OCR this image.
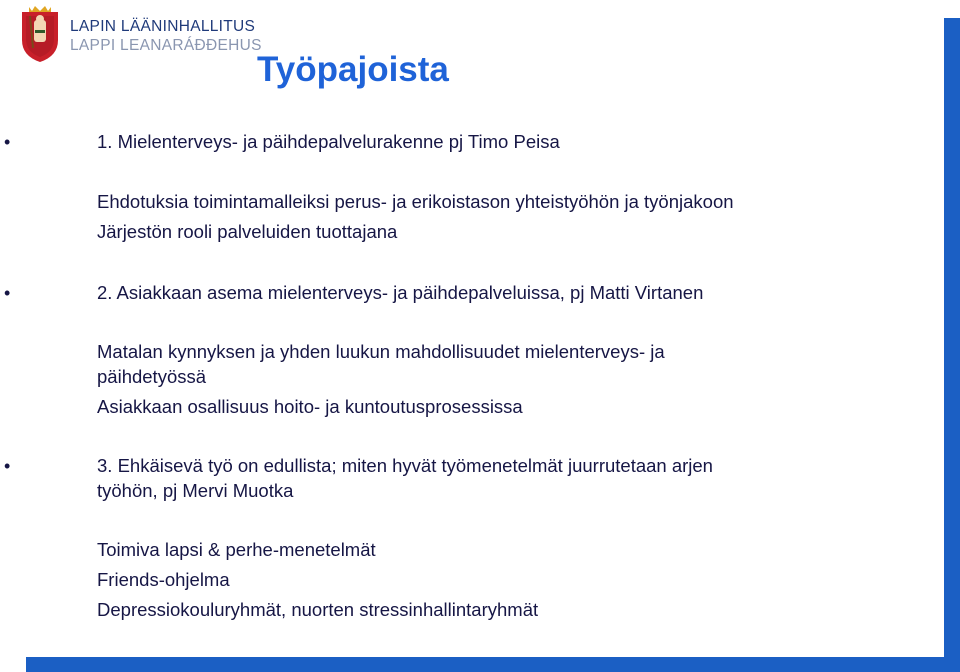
LAPIN LÄÄNINHALLITUS
LAPPI LEANARÁÐĐEHUS
Työpajoista
•	1. Mielenterveys- ja päihdepalvelurakenne pj Timo Peisa
Ehdotuksia toimintamalleiksi perus- ja erikoistason yhteistyöhön ja työnjakoon
Järjestön rooli palveluiden tuottajana
•	2. Asiakkaan asema mielenterveys- ja päihdepalveluissa, pj Matti Virtanen
Matalan kynnyksen ja yhden luukun mahdollisuudet mielenterveys- ja
päihdetyössä
Asiakkaan osallisuus hoito- ja kuntoutusprosessissa
•	3. Ehkäisevä työ on edullista; miten hyvät työmenetelmät juurrutetaan arjen
työhön, pj Mervi Muotka
Toimiva lapsi & perhe-menetelmät
Friends-ohjelma
Depressiokouluryhmät, nuorten stressinhallintaryhmät
